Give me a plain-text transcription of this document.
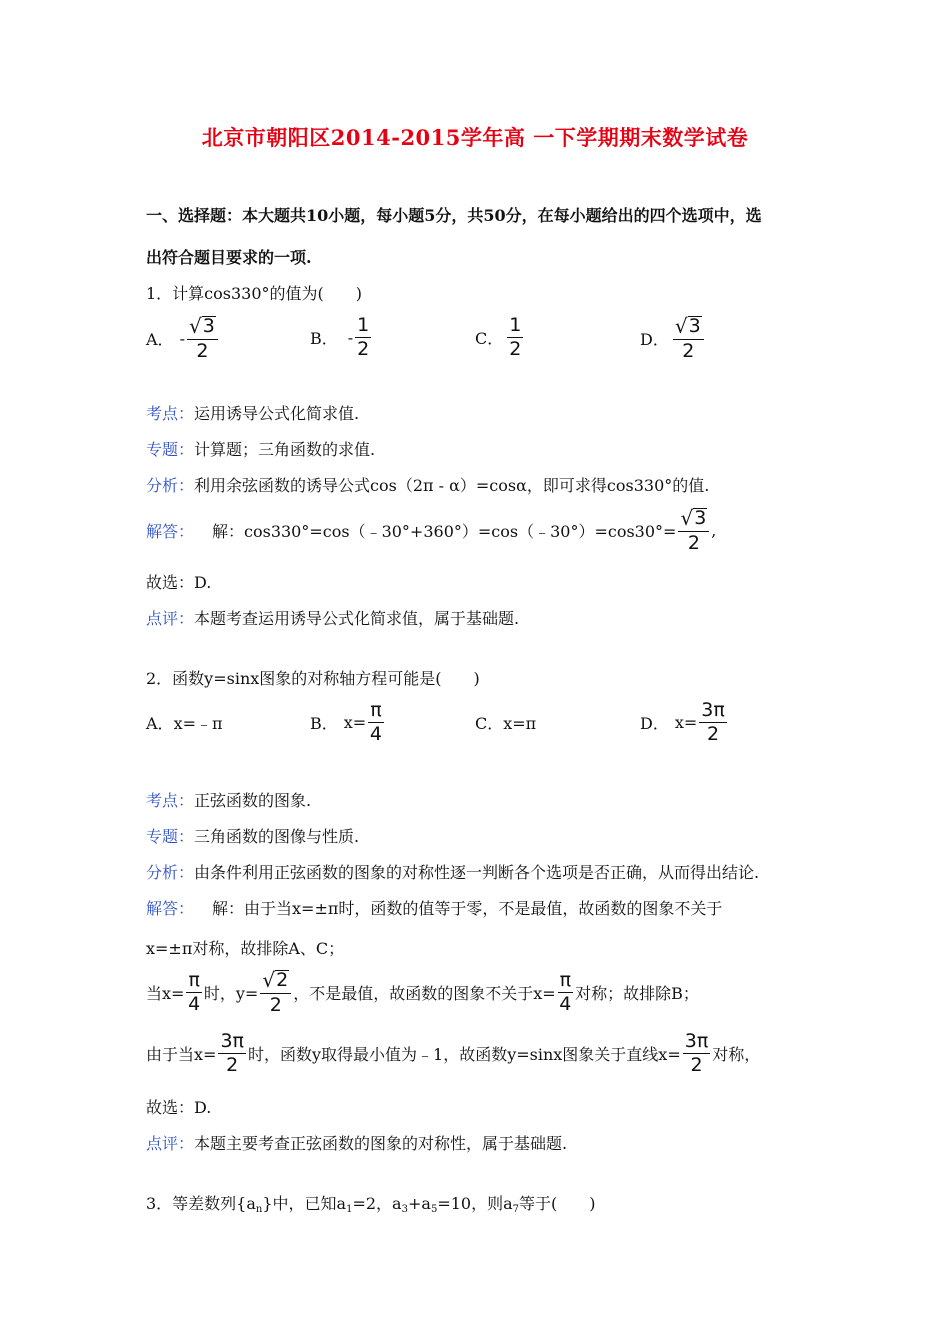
北京市朝阳区2014-2015学年高 一下学期期末数学试卷
一、选择题：本大题共10小题，每小题5分，共50分，在每小题给出的四个选项中，选
出符合题目要求的一项.
1．计算cos330°的值为(　　)
A． - $\frac{√ 3}{2}$	B． - $\frac{1}{2}$	C． $\frac{1}{2}$	D． $\frac{√ 3}{2}$
考点：运用诱导公式化简求值.
专题：计算题；三角函数的求值.
分析：利用余弦函数的诱导公式cos（2π - α）=cosα，即可求得cos330°的值.
解答： 解：cos330°=cos（﹣30°+360°）=cos（﹣30°）=cos30°= $\frac{√ 3}{2}$ ,
故选：D.
点评：本题考查运用诱导公式化简求值，属于基础题.
2．函数y=sinx图象的对称轴方程可能是(　　)
A．x=﹣π	B． $x= \frac{\pi}{4}$	C．x=π	D． $x= \frac{3\pi}{2}$
考点：正弦函数的图象.
专题：三角函数的图像与性质.
分析：由条件利用正弦函数的图象的对称性逐一判断各个选项是否正确，从而得出结论.
解答： 解：由于当x=±π时，函数的值等于零，不是最值，故函数的图象不关于
x=±π对称，故排除A、C；
当$x= \frac{\pi}{4}$ 时，$y= \frac{√ 2}{2}$ ，不是最值，故函数的图象不关于$x= \frac{\pi}{4}$ 对称；故排除B；
由于当$x= \frac{3\pi}{2}$ 时，函数y取得最小值为﹣1，故函数y=sinx图象关于直线$x= \frac{3\pi}{2}$ 对称，
故选：D.
点评：本题主要考查正弦函数的图象的对称性，属于基础题.
3．等差数列$\{a_n\}$中，已知$a_1=2$，$a_3+a_5=10$，则$a_7$等于(　　)
